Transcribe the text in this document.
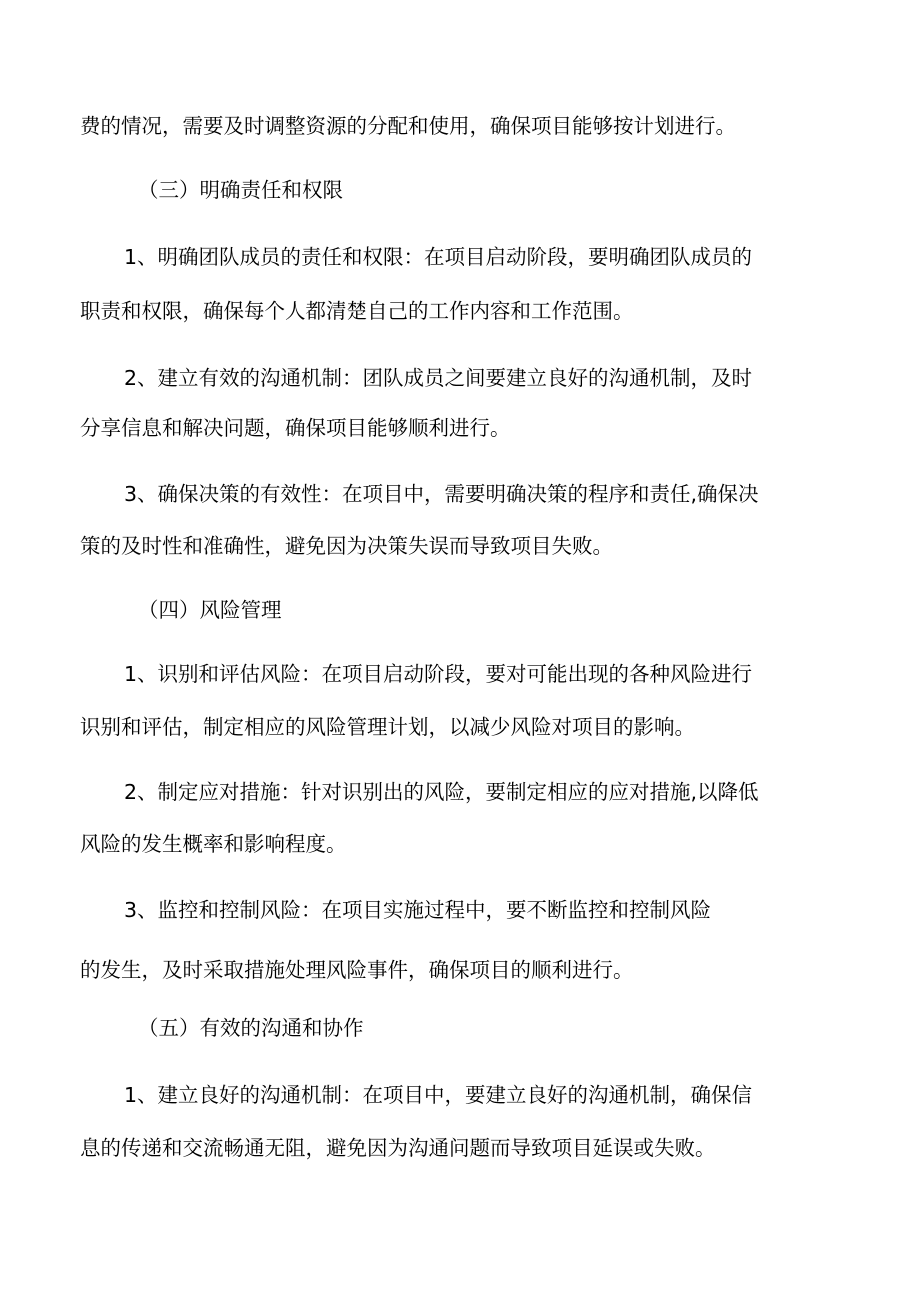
费的情况，需要及时调整资源的分配和使用，确保项目能够按计划进行。
（三）明确责任和权限
1、明确团队成员的责任和权限：在项目启动阶段，要明确团队成员的
职责和权限，确保每个人都清楚自己的工作内容和工作范围。
2、建立有效的沟通机制：团队成员之间要建立良好的沟通机制，及时
分享信息和解决问题，确保项目能够顺利进行。
3、确保决策的有效性：在项目中，需要明确决策的程序和责任,确保决
策的及时性和准确性，避免因为决策失误而导致项目失败。
（四）风险管理
1、识别和评估风险：在项目启动阶段，要对可能出现的各种风险进行
识别和评估，制定相应的风险管理计划，以减少风险对项目的影响。
2、制定应对措施：针对识别出的风险，要制定相应的应对措施,以降低
风险的发生概率和影响程度。
3、监控和控制风险：在项目实施过程中，要不断监控和控制风险
的发生，及时采取措施处理风险事件，确保项目的顺利进行。
（五）有效的沟通和协作
1、建立良好的沟通机制：在项目中，要建立良好的沟通机制，确保信
息的传递和交流畅通无阻，避免因为沟通问题而导致项目延误或失败。
